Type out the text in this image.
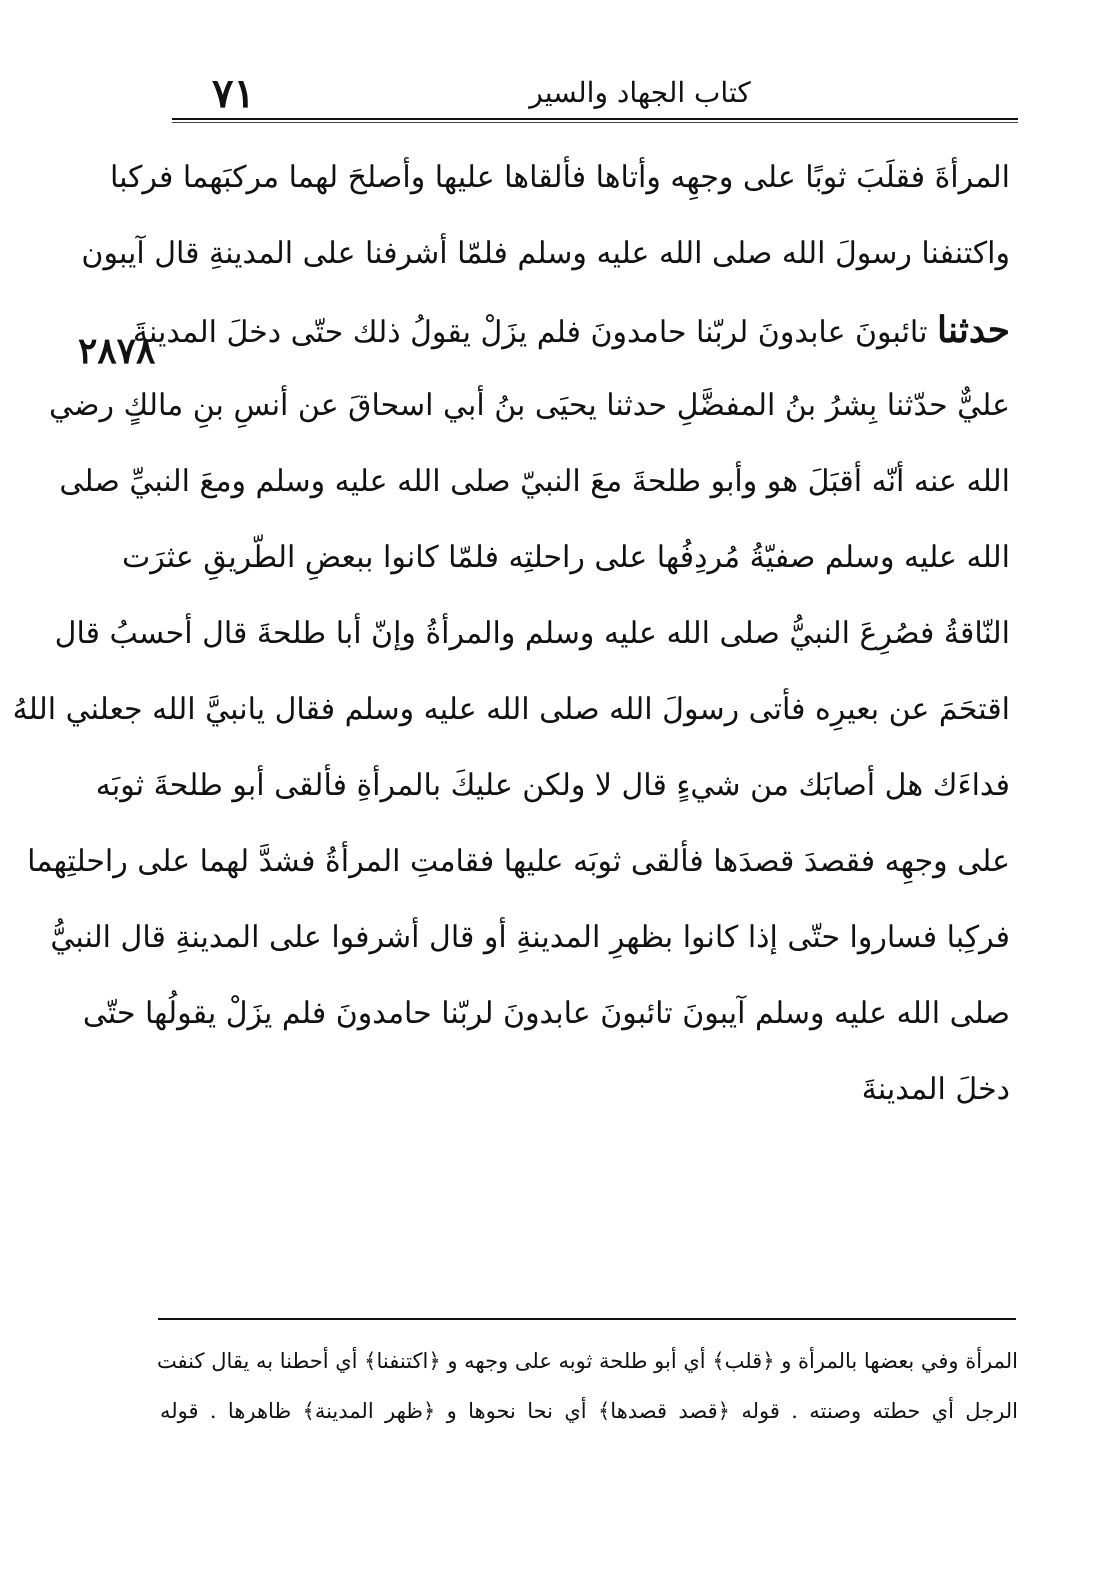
٧١	كتاب الجهاد والسير
٢٨٧٨
المرأةَ فقلَبَ ثوبًا على وجهِه وأتاها فألقاها عليها وأصلحَ لهما مركبَهما فركبا
واكتنفنا رسولَ الله صلى الله عليه وسلم فلمّا أشرفنا على المدينةِ قال آيبون
حدثنا تائبونَ عابدونَ لربّنا حامدونَ فلم يزَلْ يقولُ ذلك حتّى دخلَ المدينةَ
عليٌّ حدّثنا بِشرُ بنُ المفضَّلِ حدثنا يحيَى بنُ أبي اسحاقَ عن أنسِ بنِ مالكٍ رضي
الله عنه أنّه أقبَلَ هو وأبو طلحةَ معَ النبيّ صلى الله عليه وسلم ومعَ النبيِّ صلى
الله عليه وسلم صفيّةُ مُردِفُها على راحلتِه فلمّا كانوا ببعضِ الطّريقِ عثرَت
النّاقةُ فصُرِعَ النبيُّ صلى الله عليه وسلم والمرأةُ وإنّ أبا طلحةَ قال أحسبُ قال
اقتحَمَ عن بعيرِه فأتى رسولَ الله صلى الله عليه وسلم فقال يانبيَّ الله جعلني اللهُ
فداءَك هل أصابَك من شيءٍ قال لا ولكن عليكَ بالمرأةِ فألقى أبو طلحةَ ثوبَه
على وجهِه فقصدَ قصدَها فألقى ثوبَه عليها فقامتِ المرأةُ فشدَّ لهما على راحلتِهما
فركِبا فساروا حتّى إذا كانوا بظهرِ المدينةِ أو قال أشرفوا على المدينةِ قال النبيُّ
صلى الله عليه وسلم آيبونَ تائبونَ عابدونَ لربّنا حامدونَ فلم يزَلْ يقولُها حتّى
دخلَ المدينةَ
المرأة وفي بعضها بالمرأة و ﴿قلب﴾ أي أبو طلحة ثوبه على وجهه و ﴿اكتنفنا﴾ أي أحطنا به يقال كنفت
الرجل أي حطته وصنته . قوله ﴿قصد قصدها﴾ أي نحا نحوها و ﴿ظهر المدينة﴾ ظاهرها . قوله
